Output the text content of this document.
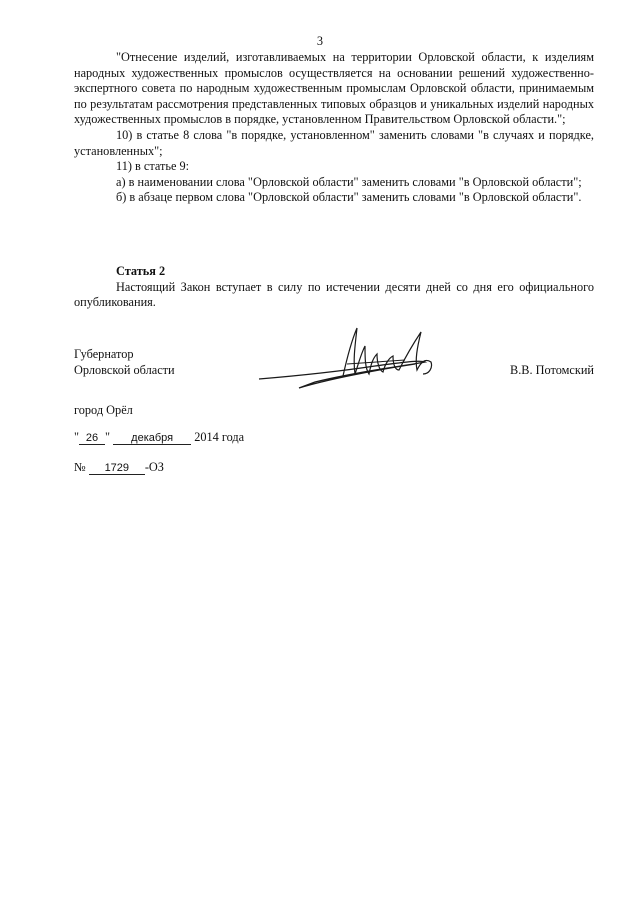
3

"Отнесение изделий, изготавливаемых на территории Орловской области, к изделиям народных художественных промыслов осуществляется на основании решений художественно-экспертного совета по народным художественным промыслам Орловской области, принимаемым по результатам рассмотрения представленных типовых образцов и уникальных изделий народных художественных промыслов в порядке, установленном Правительством Орловской области.";

10) в статье 8 слова "в порядке, установленном" заменить словами "в случаях и порядке, установленных";

11) в статье 9:

а) в наименовании слова "Орловской области" заменить словами "в Орловской области";

б) в абзаце первом слова "Орловской области" заменить словами "в Орловской области".

Статья 2

Настоящий Закон вступает в силу по истечении десяти дней со дня его официального опубликования.

Губернатор
Орловской области	В.В. Потомский
город Орёл
" 26 " декабря 2014 года
№ 1729 -ОЗ
